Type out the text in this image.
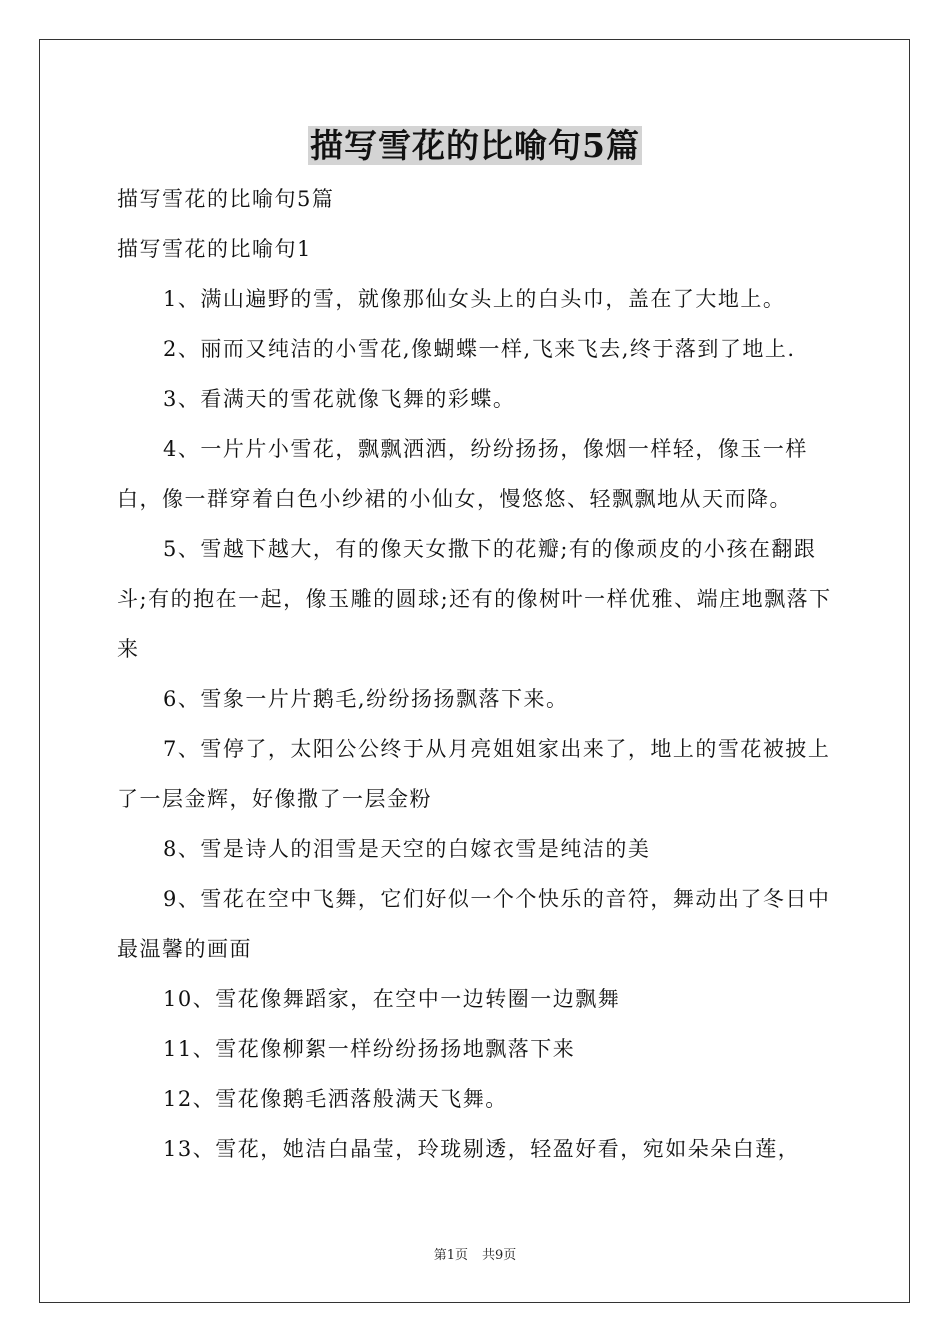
描写雪花的比喻句5篇

描写雪花的比喻句5篇

描写雪花的比喻句1

1、满山遍野的雪，就像那仙女头上的白头巾，盖在了大地上。

2、丽而又纯洁的小雪花,像蝴蝶一样,飞来飞去,终于落到了地上.

3、看满天的雪花就像飞舞的彩蝶。

4、一片片小雪花，飘飘洒洒，纷纷扬扬，像烟一样轻，像玉一样白，像一群穿着白色小纱裙的小仙女，慢悠悠、轻飘飘地从天而降。

5、雪越下越大，有的像天女撒下的花瓣;有的像顽皮的小孩在翻跟斗;有的抱在一起，像玉雕的圆球;还有的像树叶一样优雅、端庄地飘落下来

6、雪象一片片鹅毛,纷纷扬扬飘落下来。

7、雪停了，太阳公公终于从月亮姐姐家出来了，地上的雪花被披上了一层金辉，好像撒了一层金粉

8、雪是诗人的泪雪是天空的白嫁衣雪是纯洁的美

9、雪花在空中飞舞，它们好似一个个快乐的音符，舞动出了冬日中最温馨的画面

10、雪花像舞蹈家，在空中一边转圈一边飘舞

11、雪花像柳絮一样纷纷扬扬地飘落下来

12、雪花像鹅毛洒落般满天飞舞。

13、雪花，她洁白晶莹，玲珑剔透，轻盈好看，宛如朵朵白莲，

第1页 共9页
